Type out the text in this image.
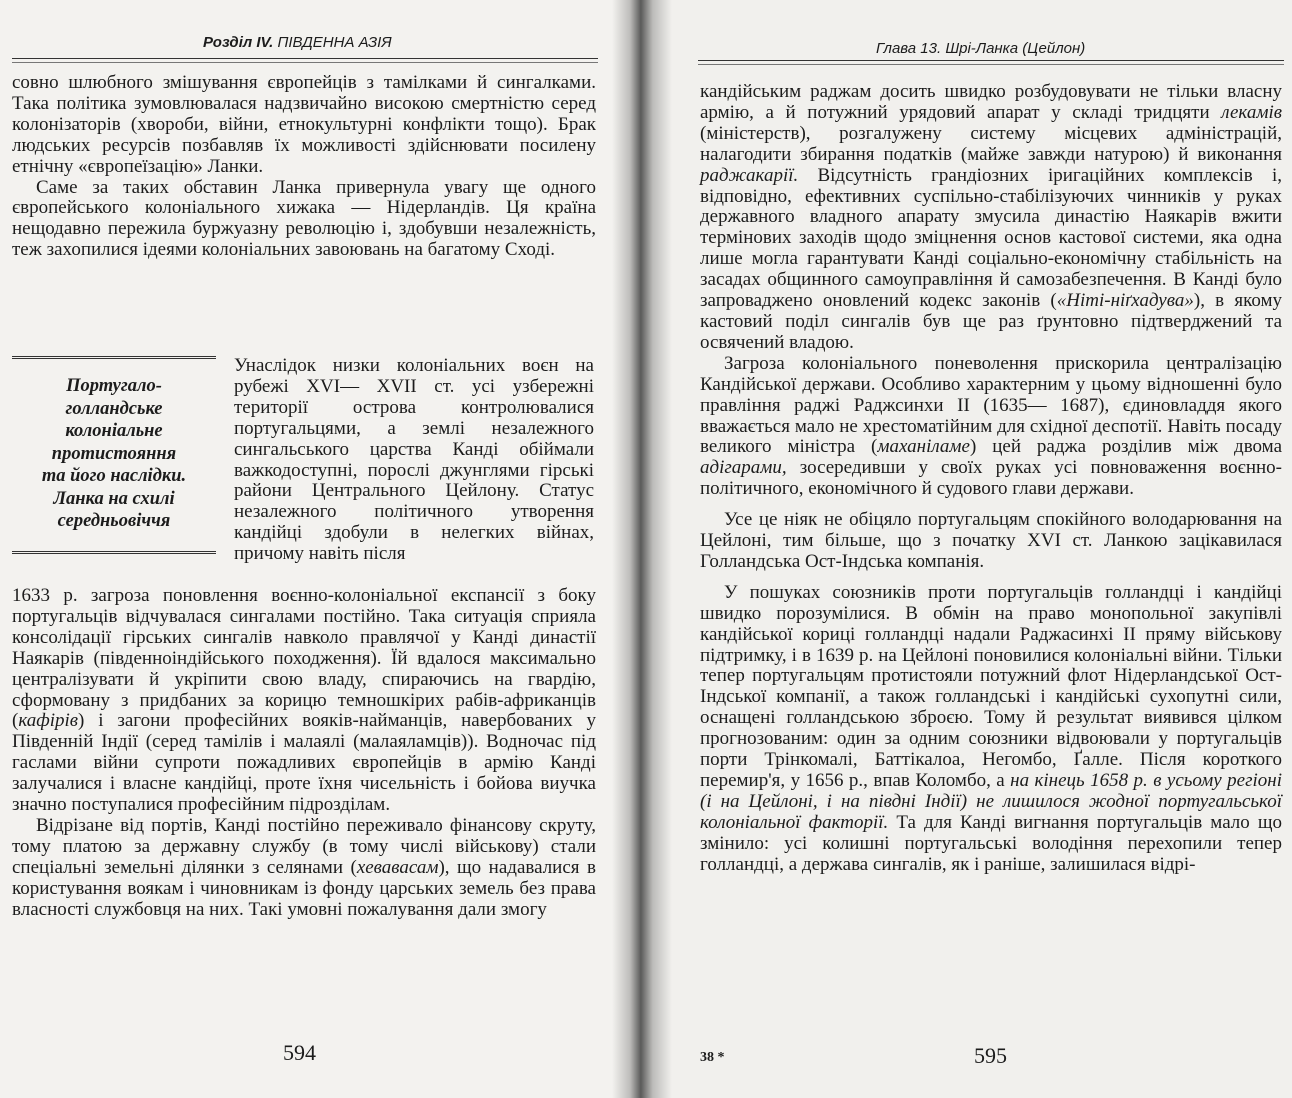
Розділ IV. ПІВДЕННА АЗІЯ

совно шлюбного змішування європейців з тамілками й сингалками. Така політика зумовлювалася надзвичайно високою смертністю серед колонізаторів (хвороби, війни, етнокультурні конфлікти тощо). Брак людських ресурсів позбавляв їх можливості здійснювати посилену етнічну «європеїзацію» Ланки.

Саме за таких обставин Ланка привернула увагу ще одного європейського колоніального хижака — Нідерландів. Ця країна нещодавно пережила буржуазну революцію і, здобувши незалежність, теж захопилися ідеями колоніальних завоювань на багатому Сході.

Португало-
голландське
колоніальне
протистояння
та його наслідки.
Ланка на схилі
середньовіччя

Унаслідок низки колоніальних воєн на рубежі XVI— XVII ст. усі узбережні території острова контролювалися португальцями, а землі незалежного сингальського царства Канді обіймали важкодоступні, порослі джунглями гірські райони Центрального Цейлону. Статус незалежного політичного утворення кандійці здобули в нелегких війнах, причому навіть після

1633 р. загроза поновлення воєнно-колоніальної експансії з боку португальців відчувалася сингалами постійно. Така ситуація сприяла консолідації гірських сингалів навколо правлячої у Канді династії Наякарів (південноіндійського походження). Їй вдалося максимально централізувати й укріпити свою владу, спираючись на гвардію, сформовану з придбаних за корицю темношкірих рабів-африканців (кафірів) і загони професійних вояків-найманців, навербованих у Південній Індії (серед тамілів і малаялі (малаяламців)). Водночас під гаслами війни супроти пожадливих європейців в армію Канді залучалися і власне кандійці, проте їхня чисельність і бойова виучка значно поступалися професійним підрозділам.

Відрізане від портів, Канді постійно переживало фінансову скруту, тому платою за державну службу (в тому числі військову) стали спеціальні земельні ділянки з селянами (хевавасам), що надавалися в користування воякам і чиновникам із фонду царських земель без права власності службовця на них. Такі умовні пожалування дали змогу

594
Глава 13. Шрі-Ланка (Цейлон)

кандійським раджам досить швидко розбудовувати не тільки власну армію, а й потужний урядовий апарат у складі тридцяти лекамів (міністерств), розгалужену систему місцевих адміністрацій, налагодити збирання податків (майже завжди натурою) й виконання раджакарії. Відсутність грандіозних іригаційних комплексів і, відповідно, ефективних суспільно-стабілізуючих чинників у руках державного владного апарату змусила династію Наякарів вжити термінових заходів щодо зміцнення основ кастової системи, яка одна лише могла гарантувати Канді соціально-економічну стабільність на засадах общинного самоуправління й самозабезпечення. В Канді було запроваджено оновлений кодекс законів («Ніті-ніґхадува»), в якому кастовий поділ сингалів був ще раз ґрунтовно підтверджений та освячений владою.

Загроза колоніального поневолення прискорила централізацію Кандійської держави. Особливо характерним у цьому відношенні було правління раджі Раджсинхи II (1635— 1687), єдиновладдя якого вважається мало не хрестоматійним для східної деспотії. Навіть посаду великого міністра (маханіламе) цей раджа розділив між двома адігарами, зосередивши у своїх руках усі повноваження воєнно-політичного, економічного й судового глави держави.

Усе це ніяк не обіцяло португальцям спокійного володарювання на Цейлоні, тим більше, що з початку XVI ст. Ланкою зацікавилася Голландська Ост-Індська компанія.

У пошуках союзників проти португальців голландці і кандійці швидко порозумілися. В обмін на право монопольної закупівлі кандійської кориці голландці надали Раджасинхі II пряму військову підтримку, і в 1639 р. на Цейлоні поновилися колоніальні війни. Тільки тепер португальцям протистояли потужний флот Нідерландської Ост-Індської компанії, а також голландські і кандійські сухопутні сили, оснащені голландською зброєю. Тому й результат виявився цілком прогнозованим: один за одним союзники відвоювали у португальців порти Трінкомалі, Баттікалоа, Негомбо, Ґалле. Після короткого перемир'я, у 1656 р., впав Коломбо, а на кінець 1658 р. в усьому регіоні (і на Цейлоні, і на півдні Індії) не лишилося жодної португальської колоніальної факторії. Та для Канді вигнання португальців мало що змінило: усі колишні португальські володіння перехопили тепер голландці, а держава сингалів, як і раніше, залишилася відрі-

38 *	595
